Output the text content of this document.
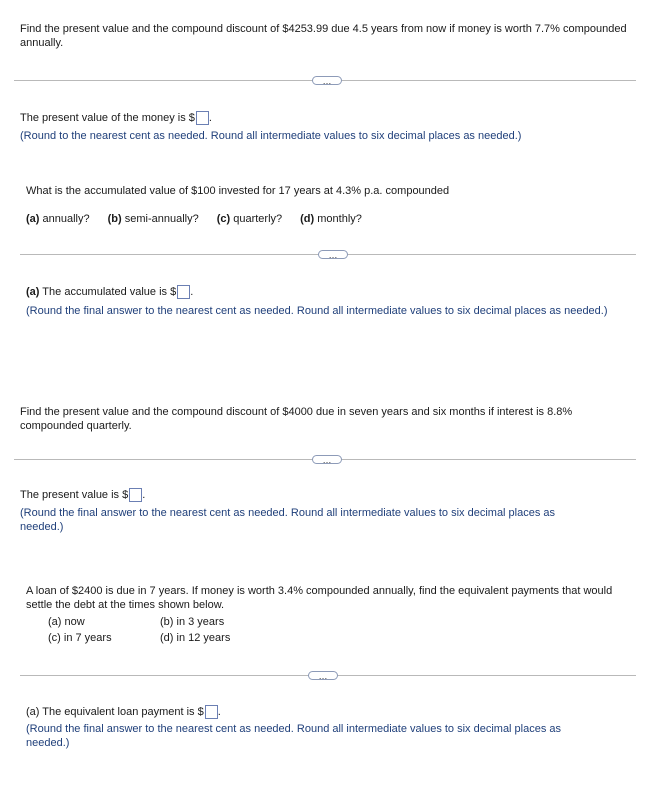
Find the present value and the compound discount of $4253.99 due 4.5 years from now if money is worth 7.7% compounded annually.
…
The present value of the money is $ .
(Round to the nearest cent as needed. Round all intermediate values to six decimal places as needed.)
What is the accumulated value of $100 invested for 17 years at 4.3% p.a. compounded
(a) annually? (b) semi-annually? (c) quarterly? (d) monthly?
…
(a) The accumulated value is $ .
(Round the final answer to the nearest cent as needed. Round all intermediate values to six decimal places as needed.)
Find the present value and the compound discount of $4000 due in seven years and six months if interest is 8.8% compounded quarterly.
…
The present value is $ .
(Round the final answer to the nearest cent as needed. Round all intermediate values to six decimal places as needed.)
A loan of $2400 is due in 7 years. If money is worth 3.4% compounded annually, find the equivalent payments that would settle the debt at the times shown below.
(a) now	(b) in 3 years
(c) in 7 years	(d) in 12 years
…
(a) The equivalent loan payment is $ .
(Round the final answer to the nearest cent as needed. Round all intermediate values to six decimal places as needed.)
